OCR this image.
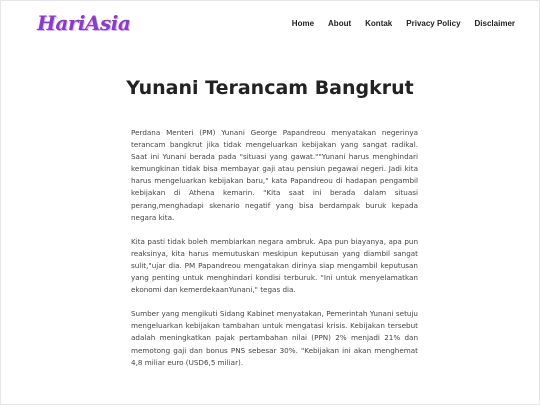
HariAsia	Home About Kontak Privacy Policy Disclaimer
Yunani Terancam Bangkrut

Perdana Menteri (PM) Yunani George Papandreou menyatakan negerinya terancam bangkrut jika tidak mengeluarkan kebijakan yang sangat radikal. Saat ini Yunani berada pada "situasi yang gawat.""Yunani harus menghindari kemungkinan tidak bisa membayar gaji atau pensiun pegawai negeri. Jadi kita harus mengeluarkan kebijakan baru," kata Papandreou di hadapan pengambil kebijakan di Athena kemarin. "Kita saat ini berada dalam situasi perang,menghadapi skenario negatif yang bisa berdampak buruk kepada negara kita.

Kita pasti tidak boleh membiarkan negara ambruk. Apa pun biayanya, apa pun reaksinya, kita harus memutuskan meskipun keputusan yang diambil sangat sulit,"ujar dia. PM Papandreou mengatakan dirinya siap mengambil keputusan yang penting untuk menghindari kondisi terburuk. "Ini untuk menyelamatkan ekonomi dan kemerdekaanYunani," tegas dia.

Sumber yang mengikuti Sidang Kabinet menyatakan, Pemerintah Yunani setuju mengeluarkan kebijakan tambahan untuk mengatasi krisis. Kebijakan tersebut adalah meningkatkan pajak pertambahan nilai (PPN) 2% menjadi 21% dan memotong gaji dan bonus PNS sebesar 30%. "Kebijakan ini akan menghemat 4,8 miliar euro (USD6,5 miliar).
